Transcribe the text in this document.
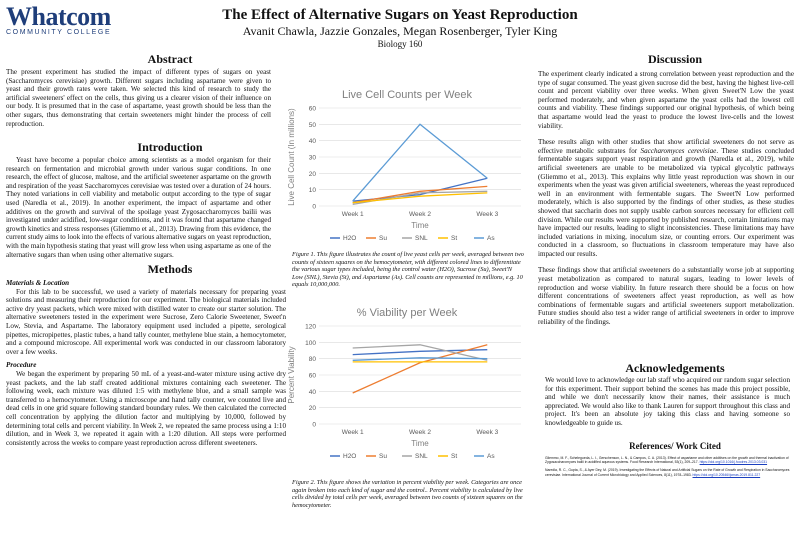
Whatcom
COMMUNITY COLLEGE
The Effect of Alternative Sugars on Yeast Reproduction
Avanit Chawla, Jazzie Gonzales, Megan Rosenberger, Tyler King
Biology 160
Abstract

The present experiment has studied the impact of different types of sugars on yeast (Saccharomyces cerevisiae) growth. Different sugars including aspartame were given to yeast and their growth rates were taken. We selected this kind of research to study the artificial sweeteners' effect on the cells, thus giving us a clearer vision of their influence on our body. It is presumed that in the case of aspartame, yeast growth should be less than the other sugars, thus demonstrating that certain sweeteners might hinder the process of cell reproduction.

Introduction

Yeast have become a popular choice among scientists as a model organism for their research on fermentation and microbial growth under various sugar conditions. In one research, the effect of glucose, maltose, and the artificial sweetener aspartame on the growth and respiration of the yeast Saccharomyces cerevisiae was tested over a duration of 24 hours. They noted variations in cell viability and metabolic output according to the type of sugar used (Naredla et al., 2019). In another experiment, the impact of aspartame and other additives on the growth and survival of the spoilage yeast Zygosaccharomyces bailii was investigated under acidified, low-sugar conditions, and it was found that aspartame changed growth kinetics and stress responses (Gliemmo et al., 2013). Drawing from this evidence, the current study aims to look into the effects of various alternative sugars on yeast reproduction, with the main hypothesis stating that yeast will grow less when using aspartame as one of the alternative sugars than when using other alternative sugars.

Methods

Materials & Location

For this lab to be successful, we used a variety of materials necessary for preparing yeast solutions and measuring their reproduction for our experiment. The biological materials included active dry yeast packets, which were mixed with distilled water to create our starter solution. The alternative sweeteners tested in the experiment were Sucrose, Zero Calorie Sweetener, Sweet'n Low, Stevia, and Aspartame. The laboratory equipment used included a pipette, serological pipettes, micropipettes, plastic tubes, a hand tally counter, methylene blue stain, a hemocytometer, and a compound microscope. All experimental work was conducted in our classroom laboratory over a few weeks.

Procedure

We began the experiment by preparing 50 mL of a yeast-and-water mixture using active dry yeast packets, and the lab staff created additional mixtures containing each sweetener. The following week, each mixture was diluted 1:5 with methylene blue, and a small sample was transferred to a hemocytometer. Using a microscope and hand tally counter, we counted live and dead cells in one grid square following standard boundary rules. We then calculated the corrected cell concentration by applying the dilution factor and multiplying by 10,000, followed by determining total cells and percent viability. In Week 2, we repeated the same process using a 1:10 dilution, and in Week 3, we repeated it again with a 1:20 dilution. All steps were performed consistently across the weeks to compare yeast reproduction across different sweeteners.

Live Cell Counts per Week
0
10
20
30
40
50
60
Week 1	Week 2	Week 3
Live Cell Count (In millions)
Time
H2O	Su	SNL	St	As
Figure 1. This figure illustrates the count of live yeast cells per week, averaged between two counts of sixteen squares on the hemocytometer, with different colored lines to differentiate the various sugar types included, being the control water (H2O), Sucrose (Su), Sweet'N Low (SNL), Stevia (St), and Aspartame (As). Cell counts are represented in millions, e.g. 10 equals 10,000,000.
% Viability per Week
0
20
40
60
80
100
120
Week 1	Week 2	Week 3
Percent Viability
Time
H2O	Su	SNL	St	As
Figure 2. This figure shows the variation in percent viability per week. Categories are once again broken into each kind of sugar and the control.. Percent viability is calculated by live cells divided by total cells per week, averaged between two counts of sixteen squares on the hemocytometer.
Discussion

The experiment clearly indicated a strong correlation between yeast reproduction and the type of sugar consumed. The yeast given sucrose did the best, having the highest live-cell count and percent viability over three weeks. When given Sweet'N Low the yeast performed moderately, and when given aspartame the yeast cells had the lowest cell counts and viability. These findings supported our original hypothesis, of which being that aspartame would lead the yeast to produce the lowest live-cells and the lowest viability.

These results align with other studies that show artificial sweeteners do not serve as effective metabolic substrates for Saccharomyces cerevisiae. These studies concluded fermentable sugars support yeast respiration and growth (Naredla et al., 2019), while artificial sweeteners are unable to be metabolized via typical glycolytic pathways (Gliemmo et al., 2013). This explains why little yeast reproduction was shown in our experiments when the yeast was given artificial sweeteners, whereas the yeast reproduced well in an environment with fermentable sugars. The Sweet'N Low performed moderately, which is also supported by the findings of other studies, as these studies showed that saccharin does not supply usable carbon sources necessary for efficient cell division. While our results were supported by published research, certain limitations may have impacted our results, leading to slight inconsistencies. These limitations may have included variations in mixing, inoculum size, or counting errors. Our experiment was conducted in a classroom, so fluctuations in classroom temperature may have also impacted our results.

These findings show that artificial sweeteners do a substantially worse job at supporting yeast metabolization as compared to natural sugars, leading to lower levels of reproduction and worse viability. In future research there should be a focus on how different concentrations of sweeteners affect yeast reproduction, as well as how combinations of fermentable sugars and artificial sweeteners support metabolization. Future studies should also test a wider range of artificial sweeteners in order to improve reliability of the findings.

Acknowledgements

We would love to acknowledge our lab staff who acquired our random sugar selection for this experiment. Their support behind the scenes has made this project possible, and while we don't necessarily know their names, their assistance is much appreciated. We would also like to thank Lauren for support throughout this class and project. It's been an absolute joy taking this class and having someone so knowledgeable to guide us.

References/ Work Cited

Gliemmo, M. F., Schelegueda, L. I., Gerschenson, L. N., & Campos, C. A. (2013). Effect of aspartame and other additives on the growth and thermal inactivation of Zygosaccharomyces bailii in acidified aqueous systems. Food Research International, 53(1), 209–217. https://doi.org/10.1016/j.foodres.2013.03.031

Naredla, R. C., Gupta, S., & Ayer Dey, M. (2019). Investigating the Effects of Natural and Artificial Sugars on the Rate of Growth and Respiration in Saccharomyces cerevisiae. International Journal of Current Microbiology and Applied Sciences, 8(11), 1978–1983. https://doi.org/10.20546/ijcmas.2019.811.227
